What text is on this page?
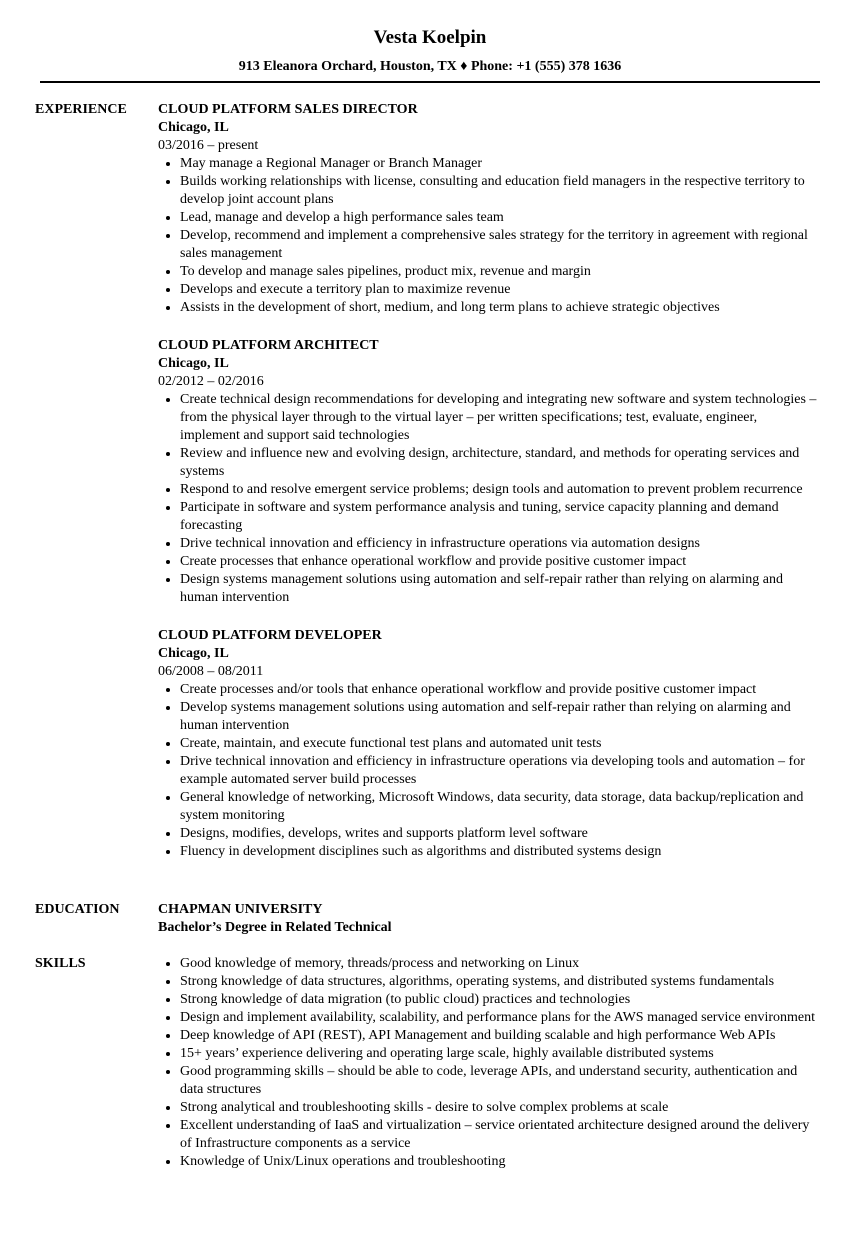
Vesta Koelpin
913 Eleanora Orchard, Houston, TX ♦ Phone: +1 (555) 378 1636
EXPERIENCE	CLOUD PLATFORM SALES DIRECTOR
Chicago, IL
03/2016 – present
• May manage a Regional Manager or Branch Manager
• Builds working relationships with license, consulting and education field managers in the respective territory to develop joint account plans
• Lead, manage and develop a high performance sales team
• Develop, recommend and implement a comprehensive sales strategy for the territory in agreement with regional sales management
• To develop and manage sales pipelines, product mix, revenue and margin
• Develops and execute a territory plan to maximize revenue
• Assists in the development of short, medium, and long term plans to achieve strategic objectives
CLOUD PLATFORM ARCHITECT
Chicago, IL
02/2012 – 02/2016
• Create technical design recommendations for developing and integrating new software and system technologies – from the physical layer through to the virtual layer – per written specifications; test, evaluate, engineer, implement and support said technologies
• Review and influence new and evolving design, architecture, standard, and methods for operating services and systems
• Respond to and resolve emergent service problems; design tools and automation to prevent problem recurrence
• Participate in software and system performance analysis and tuning, service capacity planning and demand forecasting
• Drive technical innovation and efficiency in infrastructure operations via automation designs
• Create processes that enhance operational workflow and provide positive customer impact
• Design systems management solutions using automation and self-repair rather than relying on alarming and human intervention
CLOUD PLATFORM DEVELOPER
Chicago, IL
06/2008 – 08/2011
• Create processes and/or tools that enhance operational workflow and provide positive customer impact
• Develop systems management solutions using automation and self-repair rather than relying on alarming and human intervention
• Create, maintain, and execute functional test plans and automated unit tests
• Drive technical innovation and efficiency in infrastructure operations via developing tools and automation – for example automated server build processes
• General knowledge of networking, Microsoft Windows, data security, data storage, data backup/replication and system monitoring
• Designs, modifies, develops, writes and supports platform level software
• Fluency in development disciplines such as algorithms and distributed systems design
EDUCATION	CHAPMAN UNIVERSITY
Bachelor’s Degree in Related Technical
SKILLS
•	Good knowledge of memory, threads/process and networking on Linux
• Strong knowledge of data structures, algorithms, operating systems, and distributed systems fundamentals
• Strong knowledge of data migration (to public cloud) practices and technologies
• Design and implement availability, scalability, and performance plans for the AWS managed service environment
• Deep knowledge of API (REST), API Management and building scalable and high performance Web APIs
• 15+ years’ experience delivering and operating large scale, highly available distributed systems
• Good programming skills – should be able to code, leverage APIs, and understand security, authentication and data structures
• Strong analytical and troubleshooting skills - desire to solve complex problems at scale
• Excellent understanding of IaaS and virtualization – service orientated architecture designed around the delivery of Infrastructure components as a service
• Knowledge of Unix/Linux operations and troubleshooting
